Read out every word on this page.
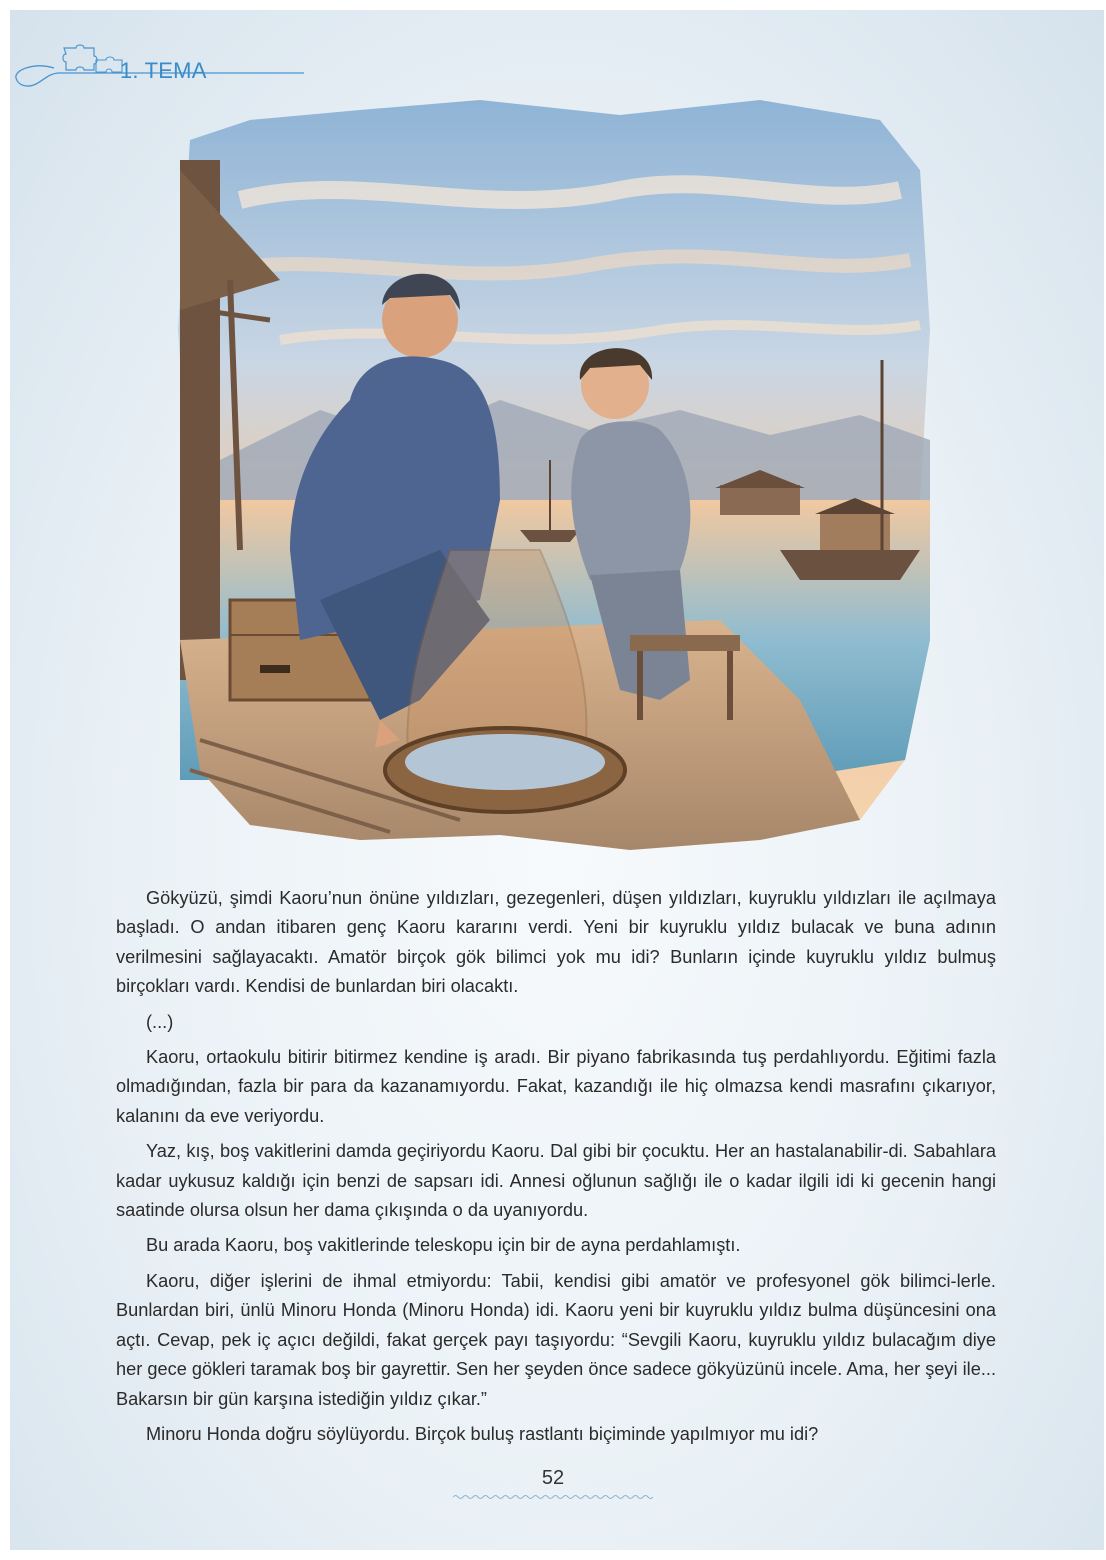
1. TEMA

Gökyüzü, şimdi Kaoru’nun önüne yıldızları, gezegenleri, düşen yıldızları, kuyruklu yıldızları ile açılmaya başladı. O andan itibaren genç Kaoru kararını verdi. Yeni bir kuyruklu yıldız bulacak ve buna adının verilmesini sağlayacaktı. Amatör birçok gök bilimci yok mu idi? Bunların içinde kuyruklu yıldız bulmuş birçokları vardı. Kendisi de bunlardan biri olacaktı.

(...)

Kaoru, ortaokulu bitirir bitirmez kendine iş aradı. Bir piyano fabrikasında tuş perdahlıyordu. Eğitimi fazla olmadığından, fazla bir para da kazanamıyordu. Fakat, kazandığı ile hiç olmazsa kendi masrafını çıkarıyor, kalanını da eve veriyordu.

Yaz, kış, boş vakitlerini damda geçiriyordu Kaoru. Dal gibi bir çocuktu. Her an hastalanabilir-di. Sabahlara kadar uykusuz kaldığı için benzi de sapsarı idi. Annesi oğlunun sağlığı ile o kadar ilgili idi ki gecenin hangi saatinde olursa olsun her dama çıkışında o da uyanıyordu.

Bu arada Kaoru, boş vakitlerinde teleskopu için bir de ayna perdahlamıştı.

Kaoru, diğer işlerini de ihmal etmiyordu: Tabii, kendisi gibi amatör ve profesyonel gök bilimci-lerle. Bunlardan biri, ünlü Minoru Honda (Minoru Honda) idi. Kaoru yeni bir kuyruklu yıldız bulma düşüncesini ona açtı. Cevap, pek iç açıcı değildi, fakat gerçek payı taşıyordu: “Sevgili Kaoru, kuyruklu yıldız bulacağım diye her gece gökleri taramak boş bir gayrettir. Sen her şeyden önce sadece gökyüzünü incele. Ama, her şeyi ile... Bakarsın bir gün karşına istediğin yıldız çıkar.”

Minoru Honda doğru söylüyordu. Birçok buluş rastlantı biçiminde yapılmıyor mu idi?

52
